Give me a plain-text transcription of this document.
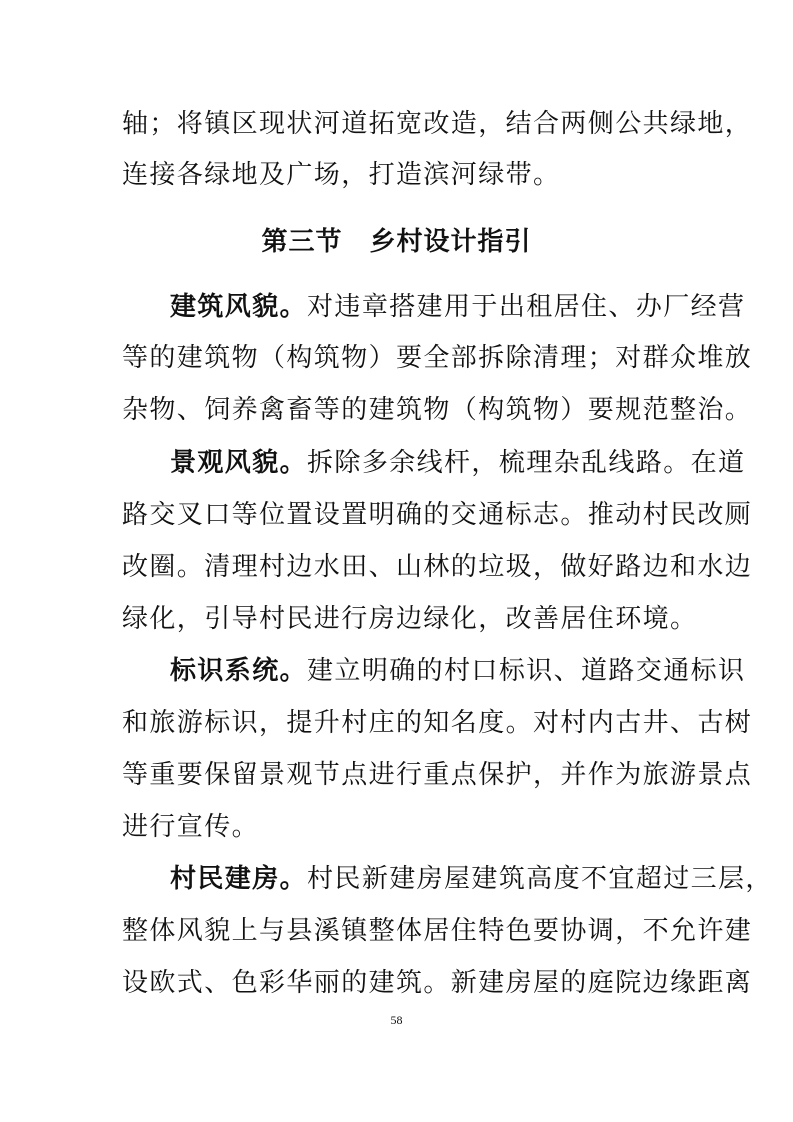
轴；将镇区现状河道拓宽改造，结合两侧公共绿地，
连接各绿地及广场，打造滨河绿带。
第三节　乡村设计指引
建筑风貌。对违章搭建用于出租居住、办厂经营
等的建筑物（构筑物）要全部拆除清理；对群众堆放
杂物、饲养禽畜等的建筑物（构筑物）要规范整治。
景观风貌。拆除多余线杆，梳理杂乱线路。在道
路交叉口等位置设置明确的交通标志。推动村民改厕
改圈。清理村边水田、山林的垃圾，做好路边和水边
绿化，引导村民进行房边绿化，改善居住环境。
标识系统。建立明确的村口标识、道路交通标识
和旅游标识，提升村庄的知名度。对村内古井、古树
等重要保留景观节点进行重点保护，并作为旅游景点
进行宣传。
村民建房。村民新建房屋建筑高度不宜超过三层，
整体风貌上与县溪镇整体居住特色要协调，不允许建
设欧式、色彩华丽的建筑。新建房屋的庭院边缘距离
58
